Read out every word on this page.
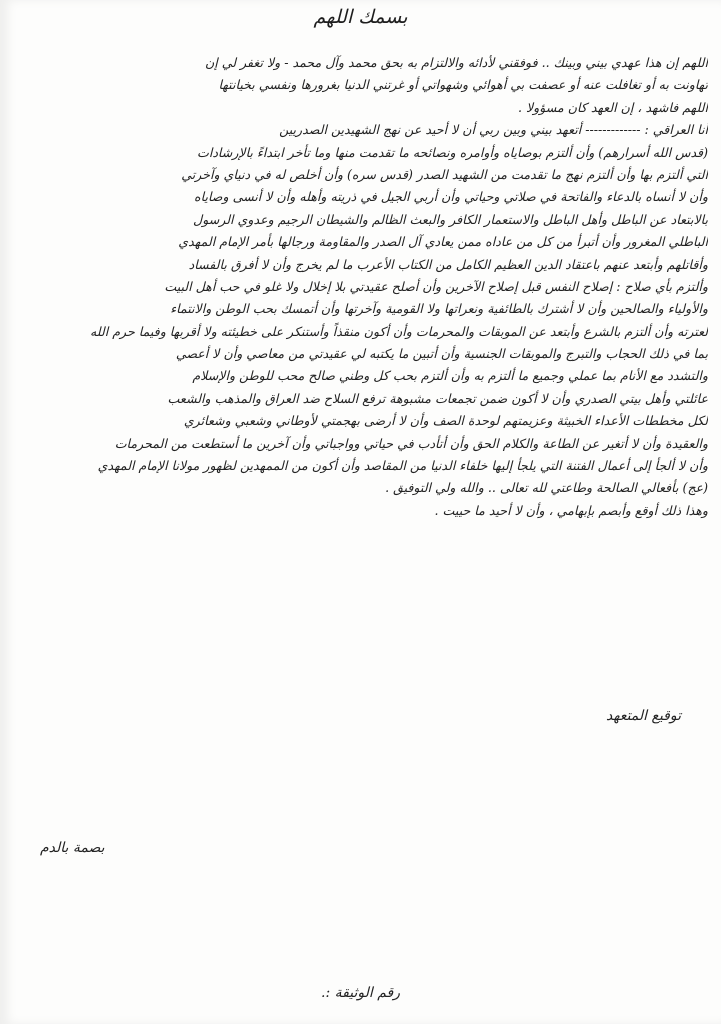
بسمك اللهم

اللهم إن هذا عهدي بيني وبينك .. فوفقني لأدائه والالتزام به بحق محمد وآل محمد - ولا تغفر لي إن

تهاونت به أو تغافلت عنه أو عصفت بي أهوائي وشهواتي أو غرتني الدنيا بغرورها ونفسي بخيانتها

اللهم فاشهد ، إن العهد كان مسؤولا .

أنا العراقي : ------------- أتعهد بيني وبين ربي أن لا أحيد عن نهج الشهيدين الصدريين

(قدس الله أسرارهم) وأن ألتزم بوصاياه وأوامره ونصائحه ما تقدمت منها وما تأخر ابتداءً بالإرشادات

التي ألتزم بها وأن ألتزم نهج ما تقدمت من الشهيد الصدر (قدس سره) وأن أخلص له في دنياي وآخرتي

وأن لا أنساه بالدعاء والفاتحة في صلاتي وحياتي وأن أربي الجيل في ذريته وأهله وأن لا أنسى وصاياه

بالابتعاد عن الباطل وأهل الباطل والاستعمار الكافر والبعث الظالم والشيطان الرجيم وعدوي الرسول

الباطلي المغرور وأن أتبرأ من كل من عاداه ممن يعادي آل الصدر والمقاومة ورجالها بأمر الإمام المهدي

وأقاتلهم وأبتعد عنهم باعتقاد الدين العظيم الكامل من الكتاب الأعرب ما لم يخرج وأن لا أفرق بالفساد

وألتزم بأي صلاح : إصلاح النفس قبل إصلاح الآخرين وأن أصلح عقيدتي بلا إخلال ولا غلو في حب أهل البيت

والأولياء والصالحين وأن لا أشترك بالطائفية ونعراتها ولا القومية وآخرتها وأن أتمسك بحب الوطن والانتماء

لعترته وأن ألتزم بالشرع وأبتعد عن الموبقات والمحرمات وأن أكون منقذاً وأستنكر على خطيئته ولا أقربها وفيما حرم الله

بما في ذلك الحجاب والتبرج والموبقات الجنسية وأن أتبين ما يكتبه لي عقيدتي من معاصي وأن لا أعصي

والتشدد مع الأنام بما عملي وجميع ما ألتزم به وأن ألتزم بحب كل وطني صالح محب للوطن والإسلام

عائلتي وأهل بيتي الصدري وأن لا أكون ضمن تجمعات مشبوهة ترفع السلاح ضد العراق والمذهب والشعب

لكل مخططات الأعداء الخبيثة وعزيمتهم لوحدة الصف وأن لا أرضى بهجمتي لأوطاني وشعبي وشعائري

والعقيدة وأن لا أتغير عن الطاعة والكلام الحق وأن أتأدب في حياتي وواجباتي وأن آخرين ما أستطعت من المحرمات

وأن لا ألجأ إلى أعمال الفتنة التي يلجأ إليها خلفاء الدنيا من المقاصد وأن أكون من الممهدين لظهور مولانا الإمام المهدي

(عج) بأفعالي الصالحة وطاعتي لله تعالى .. والله ولي التوفيق .

وهذا ذلك أوقع وأبصم بإبهامي ، وأن لا أحيد ما حييت .

توقيع المتعهد
بصمة بالدم
رقم الوثيقة :.
